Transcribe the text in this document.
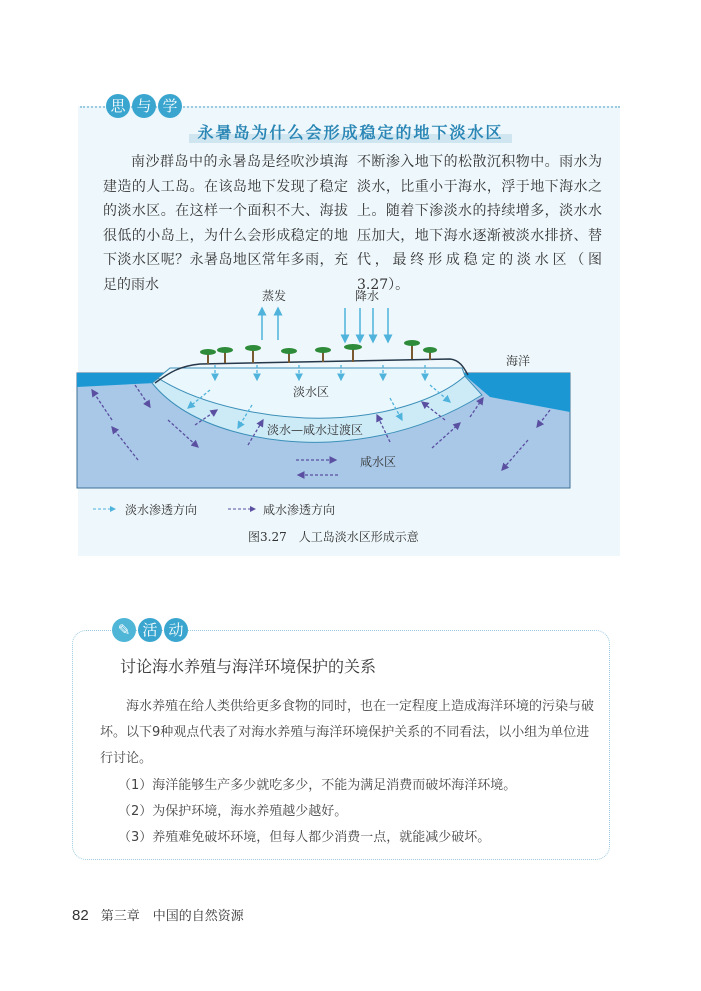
思 与 学
永暑岛为什么会形成稳定的地下淡水区

南沙群岛中的永暑岛是经吹沙填海建造的人工岛。在该岛地下发现了稳定的淡水区。在这样一个面积不大、海拔很低的小岛上，为什么会形成稳定的地下淡水区呢？永暑岛地区常年多雨，充足的雨水

不断渗入地下的松散沉积物中。雨水为淡水，比重小于海水，浮于地下海水之上。随着下渗淡水的持续增多，淡水水压加大，地下海水逐渐被淡水排挤、替代，最终形成稳定的淡水区（图3.27）。

蒸发	降水
海洋
淡水区
淡水—咸水过渡区
咸水区
淡水渗透方向	咸水渗透方向
图3.27　人工岛淡水区形成示意
✎ 活 动
讨论海水养殖与海洋环境保护的关系

海水养殖在给人类供给更多食物的同时，也在一定程度上造成海洋环境的污染与破坏。以下9种观点代表了对海水养殖与海洋环境保护关系的不同看法，以小组为单位进行讨论。

（1）海洋能够生产多少就吃多少，不能为满足消费而破坏海洋环境。

（2）为保护环境，海水养殖越少越好。

（3）养殖难免破坏环境，但每人都少消费一点，就能减少破坏。

82 第三章　中国的自然资源
